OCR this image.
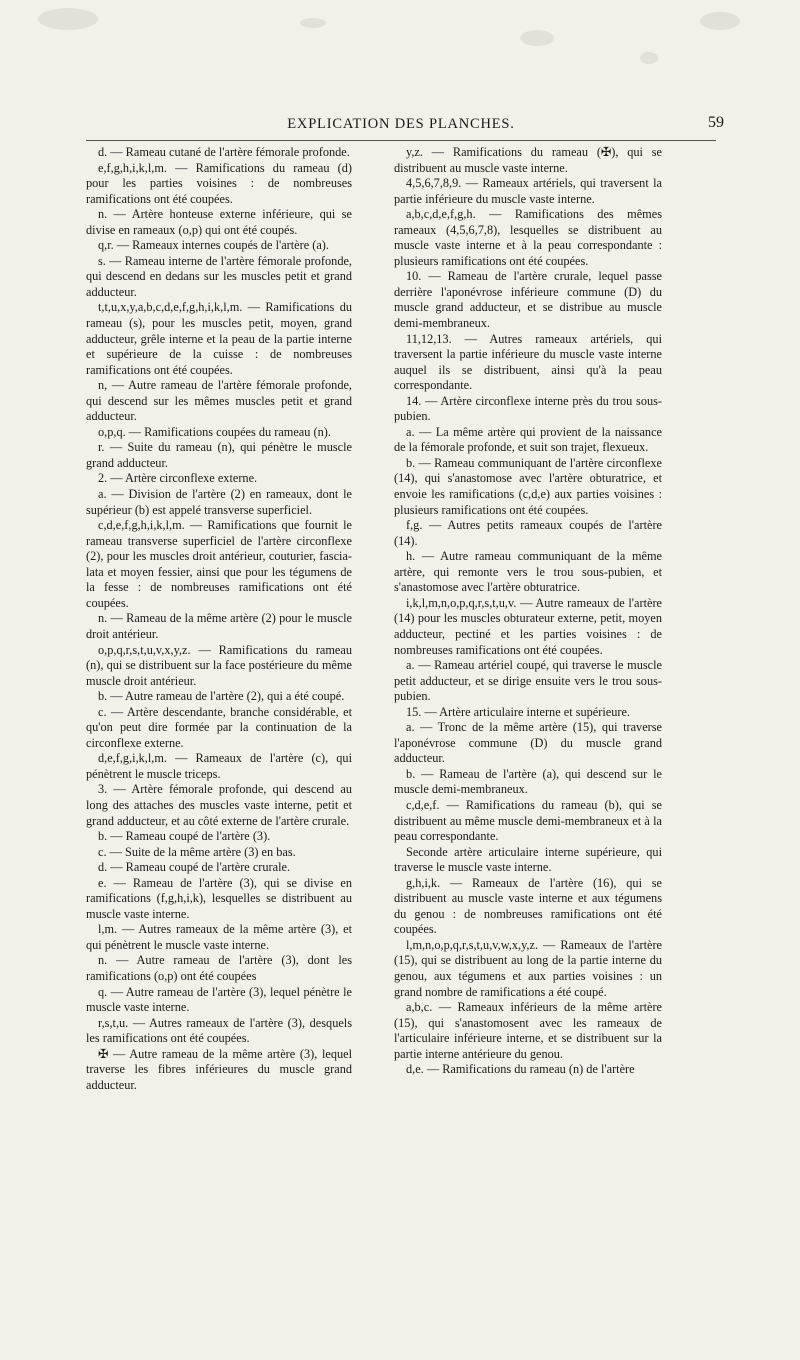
EXPLICATION DES PLANCHES.	59

d. — Rameau cutané de l'artère fémorale profonde.

e,f,g,h,i,k,l,m. — Ramifications du rameau (d) pour les parties voisines : de nombreuses ramifications ont été coupées.

n. — Artère honteuse externe inférieure, qui se divise en rameaux (o,p) qui ont été coupés.

q,r. — Rameaux internes coupés de l'artère (a).

s. — Rameau interne de l'artère fémorale profonde, qui descend en dedans sur les muscles petit et grand adducteur.

t,t,u,x,y,a,b,c,d,e,f,g,h,i,k,l,m. — Ramifications du rameau (s), pour les muscles petit, moyen, grand adducteur, grêle interne et la peau de la partie interne et supérieure de la cuisse : de nombreuses ramifications ont été coupées.

n, — Autre rameau de l'artère fémorale profonde, qui descend sur les mêmes muscles petit et grand adducteur.

o,p,q. — Ramifications coupées du rameau (n).

r. — Suite du rameau (n), qui pénètre le muscle grand adducteur.

2. — Artère circonflexe externe.

a. — Division de l'artère (2) en rameaux, dont le supérieur (b) est appelé transverse superficiel.

c,d,e,f,g,h,i,k,l,m. — Ramifications que fournit le rameau transverse superficiel de l'artère circonflexe (2), pour les muscles droit antérieur, couturier, fascia-lata et moyen fessier, ainsi que pour les tégumens de la fesse : de nombreuses ramifications ont été coupées.

n. — Rameau de la même artère (2) pour le muscle droit antérieur.

o,p,q,r,s,t,u,v,x,y,z. — Ramifications du rameau (n), qui se distribuent sur la face postérieure du même muscle droit antérieur.

b. — Autre rameau de l'artère (2), qui a été coupé.

c. — Artère descendante, branche considérable, et qu'on peut dire formée par la continuation de la circonflexe externe.

d,e,f,g,i,k,l,m. — Rameaux de l'artère (c), qui pénètrent le muscle triceps.

3. — Artère fémorale profonde, qui descend au long des attaches des muscles vaste interne, petit et grand adducteur, et au côté externe de l'artère crurale.

b. — Rameau coupé de l'artère (3).

c. — Suite de la même artère (3) en bas.

d. — Rameau coupé de l'artère crurale.

e. — Rameau de l'artère (3), qui se divise en ramifications (f,g,h,i,k), lesquelles se distribuent au muscle vaste interne.

l,m. — Autres rameaux de la même artère (3), et qui pénètrent le muscle vaste interne.

n. — Autre rameau de l'artère (3), dont les ramifications (o,p) ont été coupées

q. — Autre rameau de l'artère (3), lequel pénètre le muscle vaste interne.

r,s,t,u. — Autres rameaux de l'artère (3), desquels les ramifications ont été coupées.

✠ — Autre rameau de la même artère (3), lequel traverse les fibres inférieures du muscle grand adducteur.

y,z. — Ramifications du rameau (✠), qui se distribuent au muscle vaste interne.

4,5,6,7,8,9. — Rameaux artériels, qui traversent la partie inférieure du muscle vaste interne.

a,b,c,d,e,f,g,h. — Ramifications des mêmes rameaux (4,5,6,7,8), lesquelles se distribuent au muscle vaste interne et à la peau correspondante : plusieurs ramifications ont été coupées.

10. — Rameau de l'artère crurale, lequel passe derrière l'aponévrose inférieure commune (D) du muscle grand adducteur, et se distribue au muscle demi-membraneux.

11,12,13. — Autres rameaux artériels, qui traversent la partie inférieure du muscle vaste interne auquel ils se distribuent, ainsi qu'à la peau correspondante.

14. — Artère circonflexe interne près du trou sous-pubien.

a. — La même artère qui provient de la naissance de la fémorale profonde, et suit son trajet, flexueux.

b. — Rameau communiquant de l'artère circonflexe (14), qui s'anastomose avec l'artère obturatrice, et envoie les ramifications (c,d,e) aux parties voisines : plusieurs ramifications ont été coupées.

f,g. — Autres petits rameaux coupés de l'artère (14).

h. — Autre rameau communiquant de la même artère, qui remonte vers le trou sous-pubien, et s'anastomose avec l'artère obturatrice.

i,k,l,m,n,o,p,q,r,s,t,u,v. — Autre rameaux de l'artère (14) pour les muscles obturateur externe, petit, moyen adducteur, pectiné et les parties voisines : de nombreuses ramifications ont été coupées.

a. — Rameau artériel coupé, qui traverse le muscle petit adducteur, et se dirige ensuite vers le trou sous-pubien.

15. — Artère articulaire interne et supérieure.

a. — Tronc de la même artère (15), qui traverse l'aponévrose commune (D) du muscle grand adducteur.

b. — Rameau de l'artère (a), qui descend sur le muscle demi-membraneux.

c,d,e,f. — Ramifications du rameau (b), qui se distribuent au même muscle demi-membraneux et à la peau correspondante.

Seconde artère articulaire interne supérieure, qui traverse le muscle vaste interne.

g,h,i,k. — Rameaux de l'artère (16), qui se distribuent au muscle vaste interne et aux tégumens du genou : de nombreuses ramifications ont été coupées.

l,m,n,o,p,q,r,s,t,u,v,w,x,y,z. — Rameaux de l'artère (15), qui se distribuent au long de la partie interne du genou, aux tégumens et aux parties voisines : un grand nombre de ramifications a été coupé.

a,b,c. — Rameaux inférieurs de la même artère (15), qui s'anastomosent avec les rameaux de l'articulaire inférieure interne, et se distribuent sur la partie interne antérieure du genou.

d,e. — Ramifications du rameau (n) de l'artère
